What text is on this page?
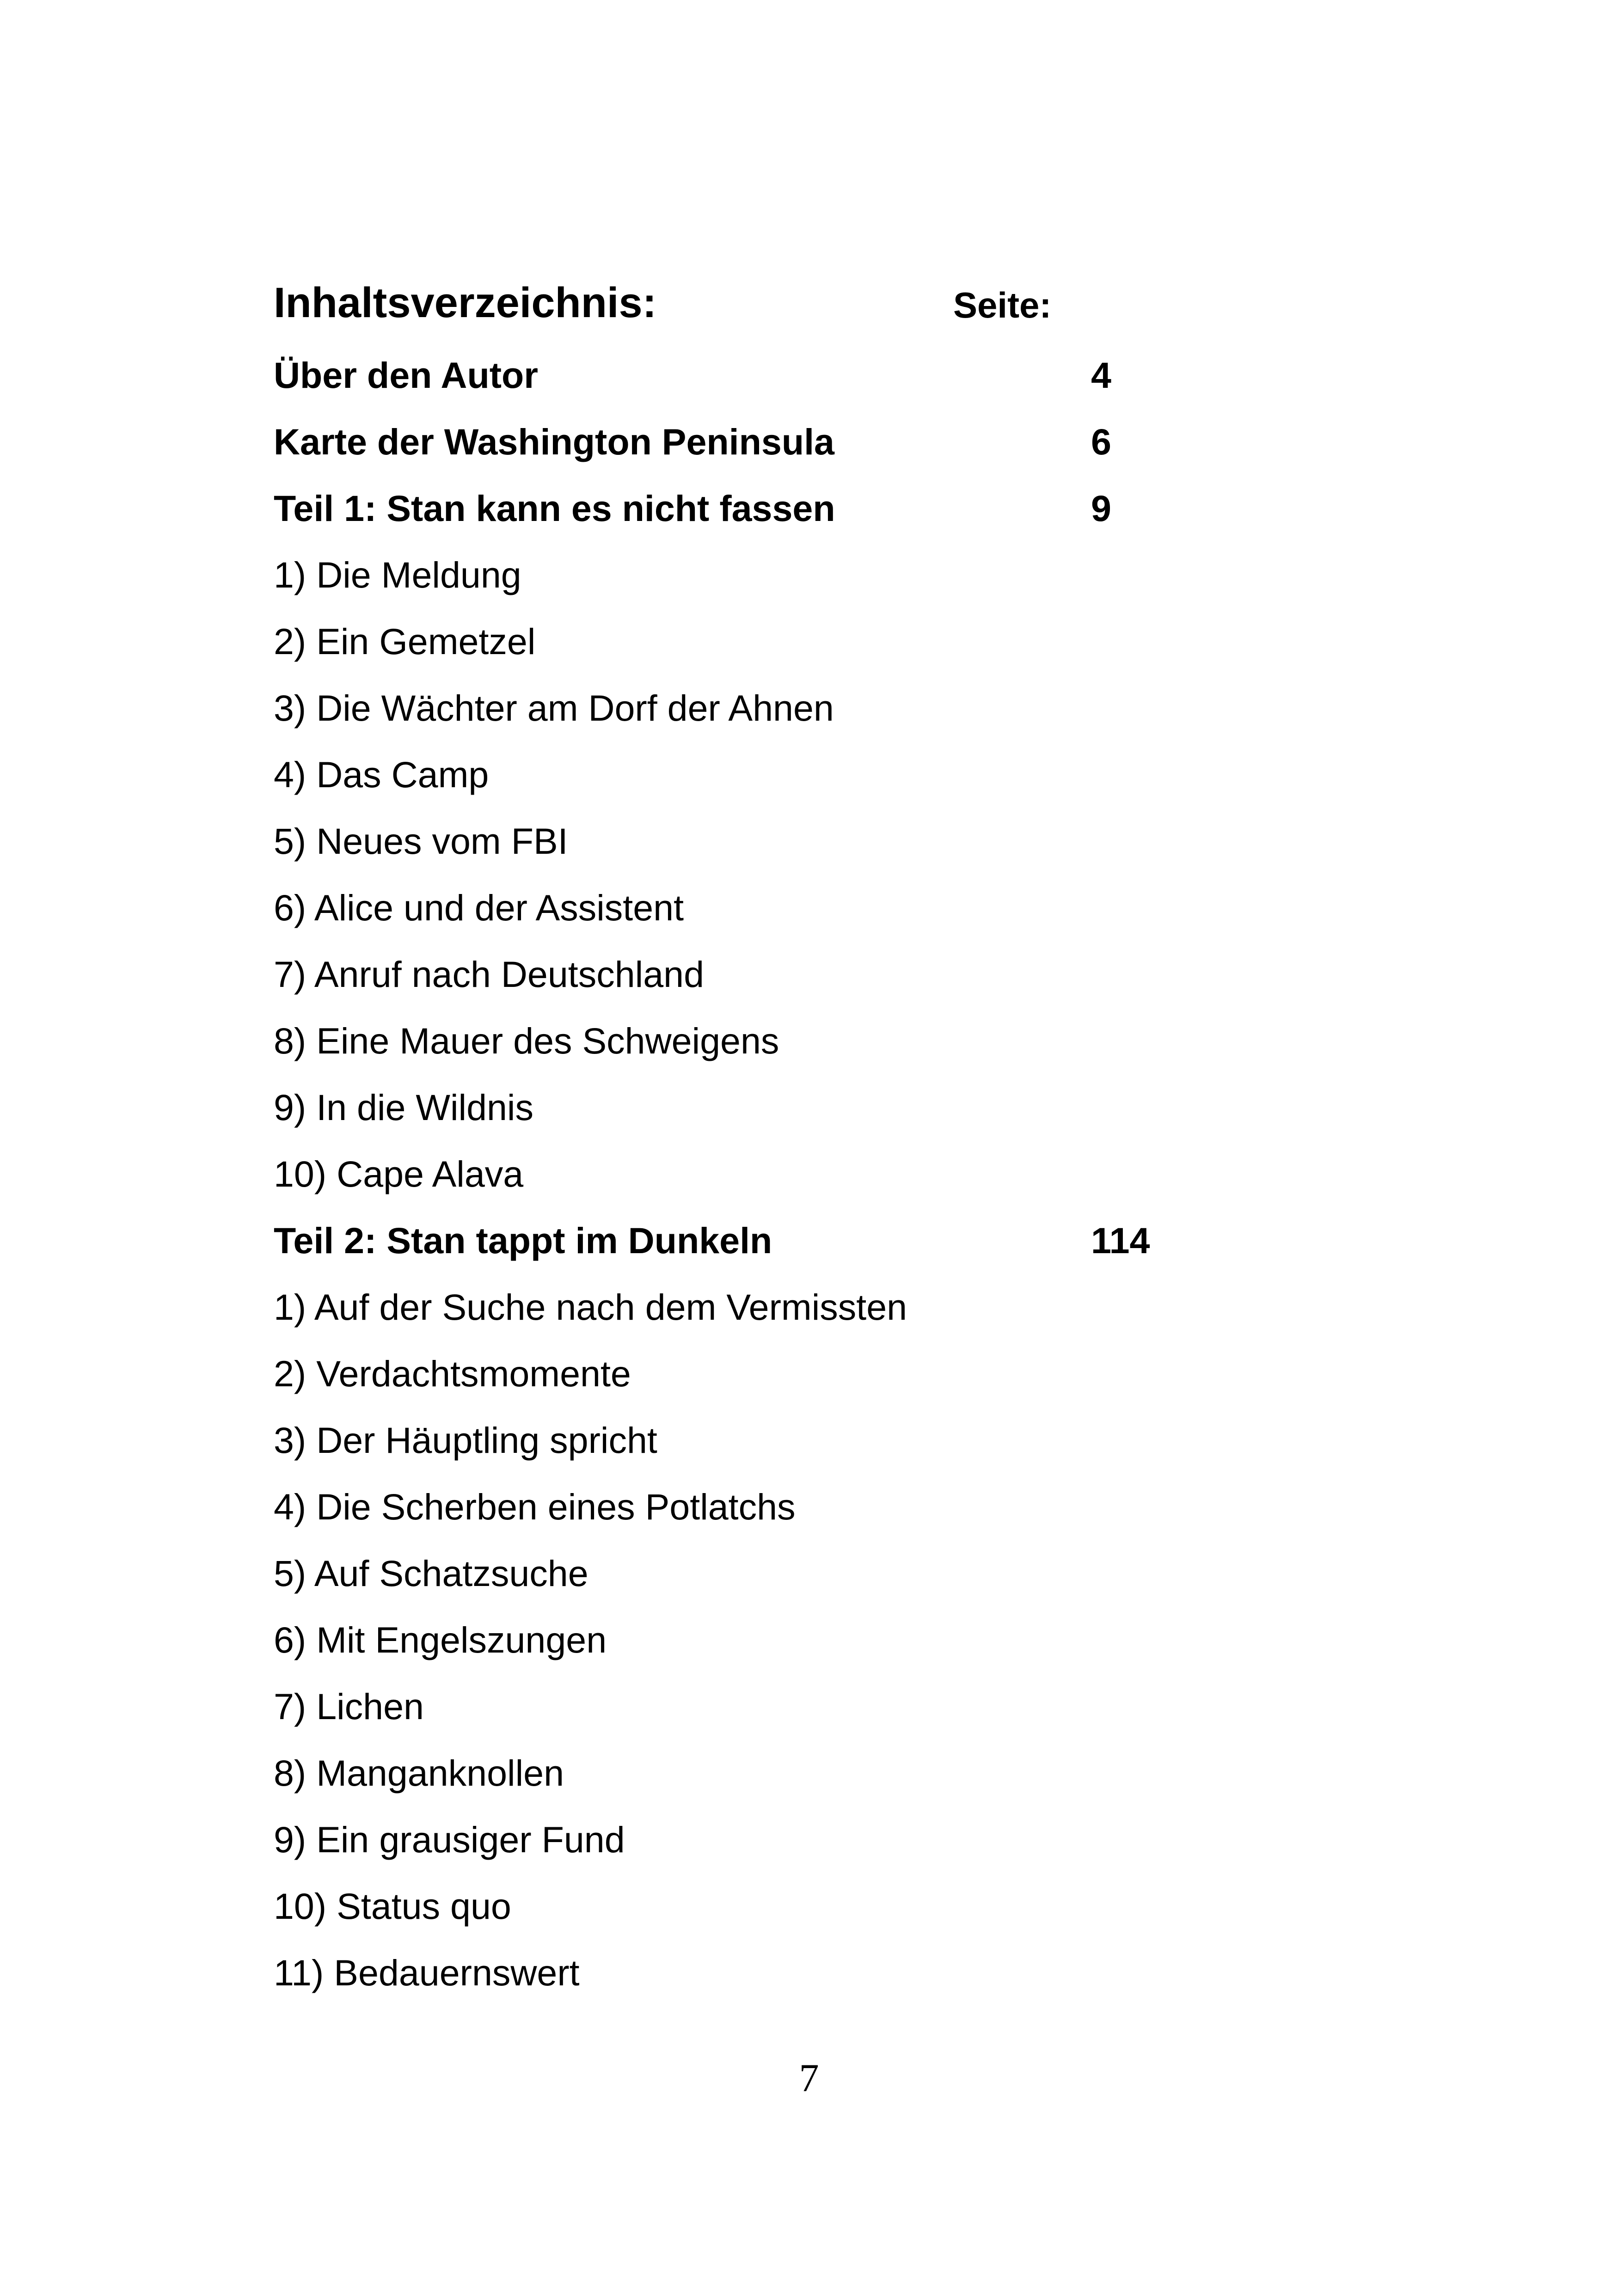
Inhaltsverzeichnis:	Seite:
Über den Autor	4
Karte der Washington Peninsula	6
Teil 1: Stan kann es nicht fassen	9
1) Die Meldung
2) Ein Gemetzel
3) Die Wächter am Dorf der Ahnen
4) Das Camp
5) Neues vom FBI
6) Alice und der Assistent
7) Anruf nach Deutschland
8) Eine Mauer des Schweigens
9) In die Wildnis
10) Cape Alava
Teil 2: Stan tappt im Dunkeln	114
1) Auf der Suche nach dem Vermissten
2) Verdachtsmomente
3) Der Häuptling spricht
4) Die Scherben eines Potlatchs
5) Auf Schatzsuche
6) Mit Engelszungen
7) Lichen
8) Manganknollen
9) Ein grausiger Fund
10) Status quo
11) Bedauernswert
7
